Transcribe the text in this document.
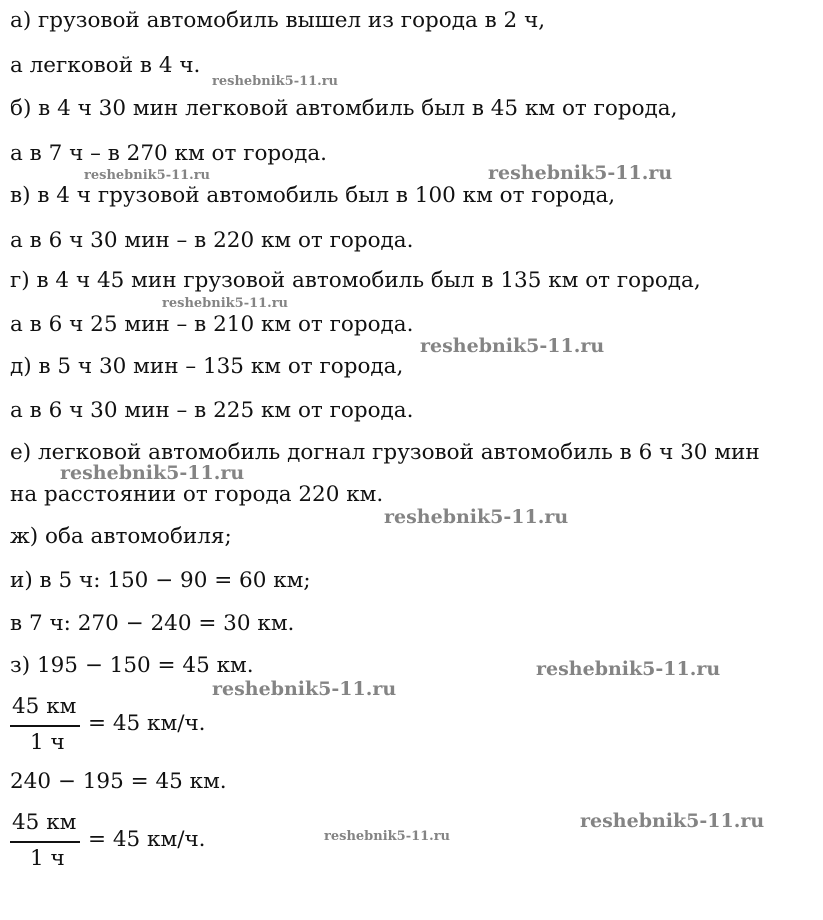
а) грузовой автомобиль вышел из города в 2 ч,

а легковой в 4 ч.

б) в 4 ч 30 мин легковой автомбиль был в 45 км от города,

а в 7 ч – в 270 км от города.

в) в 4 ч грузовой автомобиль был в 100 км от города,

а в 6 ч 30 мин – в 220 км от города.

г) в 4 ч 45 мин грузовой автомобиль был в 135 км от города,

а в 6 ч 25 мин – в 210 км от города.

д) в 5 ч 30 мин – 135 км от города,

а в 6 ч 30 мин – в 225 км от города.

е) легковой автомобиль догнал грузовой автомобиль в 6 ч 30 мин

на расстоянии от города 220 км.

ж) оба автомобиля;

и) в 5 ч: 150 − 90 = 60 км;

в 7 ч: 270 − 240 = 30 км.

з) 195 − 150 = 45 км.

45 км
1 ч
= 45 км/ч.

240 − 195 = 45 км.

45 км
1 ч
= 45 км/ч.
reshebnik5-11.ru
reshebnik5-11.ru	reshebnik5-11.ru
reshebnik5-11.ru
reshebnik5-11.ru
reshebnik5-11.ru
reshebnik5-11.ru
reshebnik5-11.ru
reshebnik5-11.ru
reshebnik5-11.ru
reshebnik5-11.ru
